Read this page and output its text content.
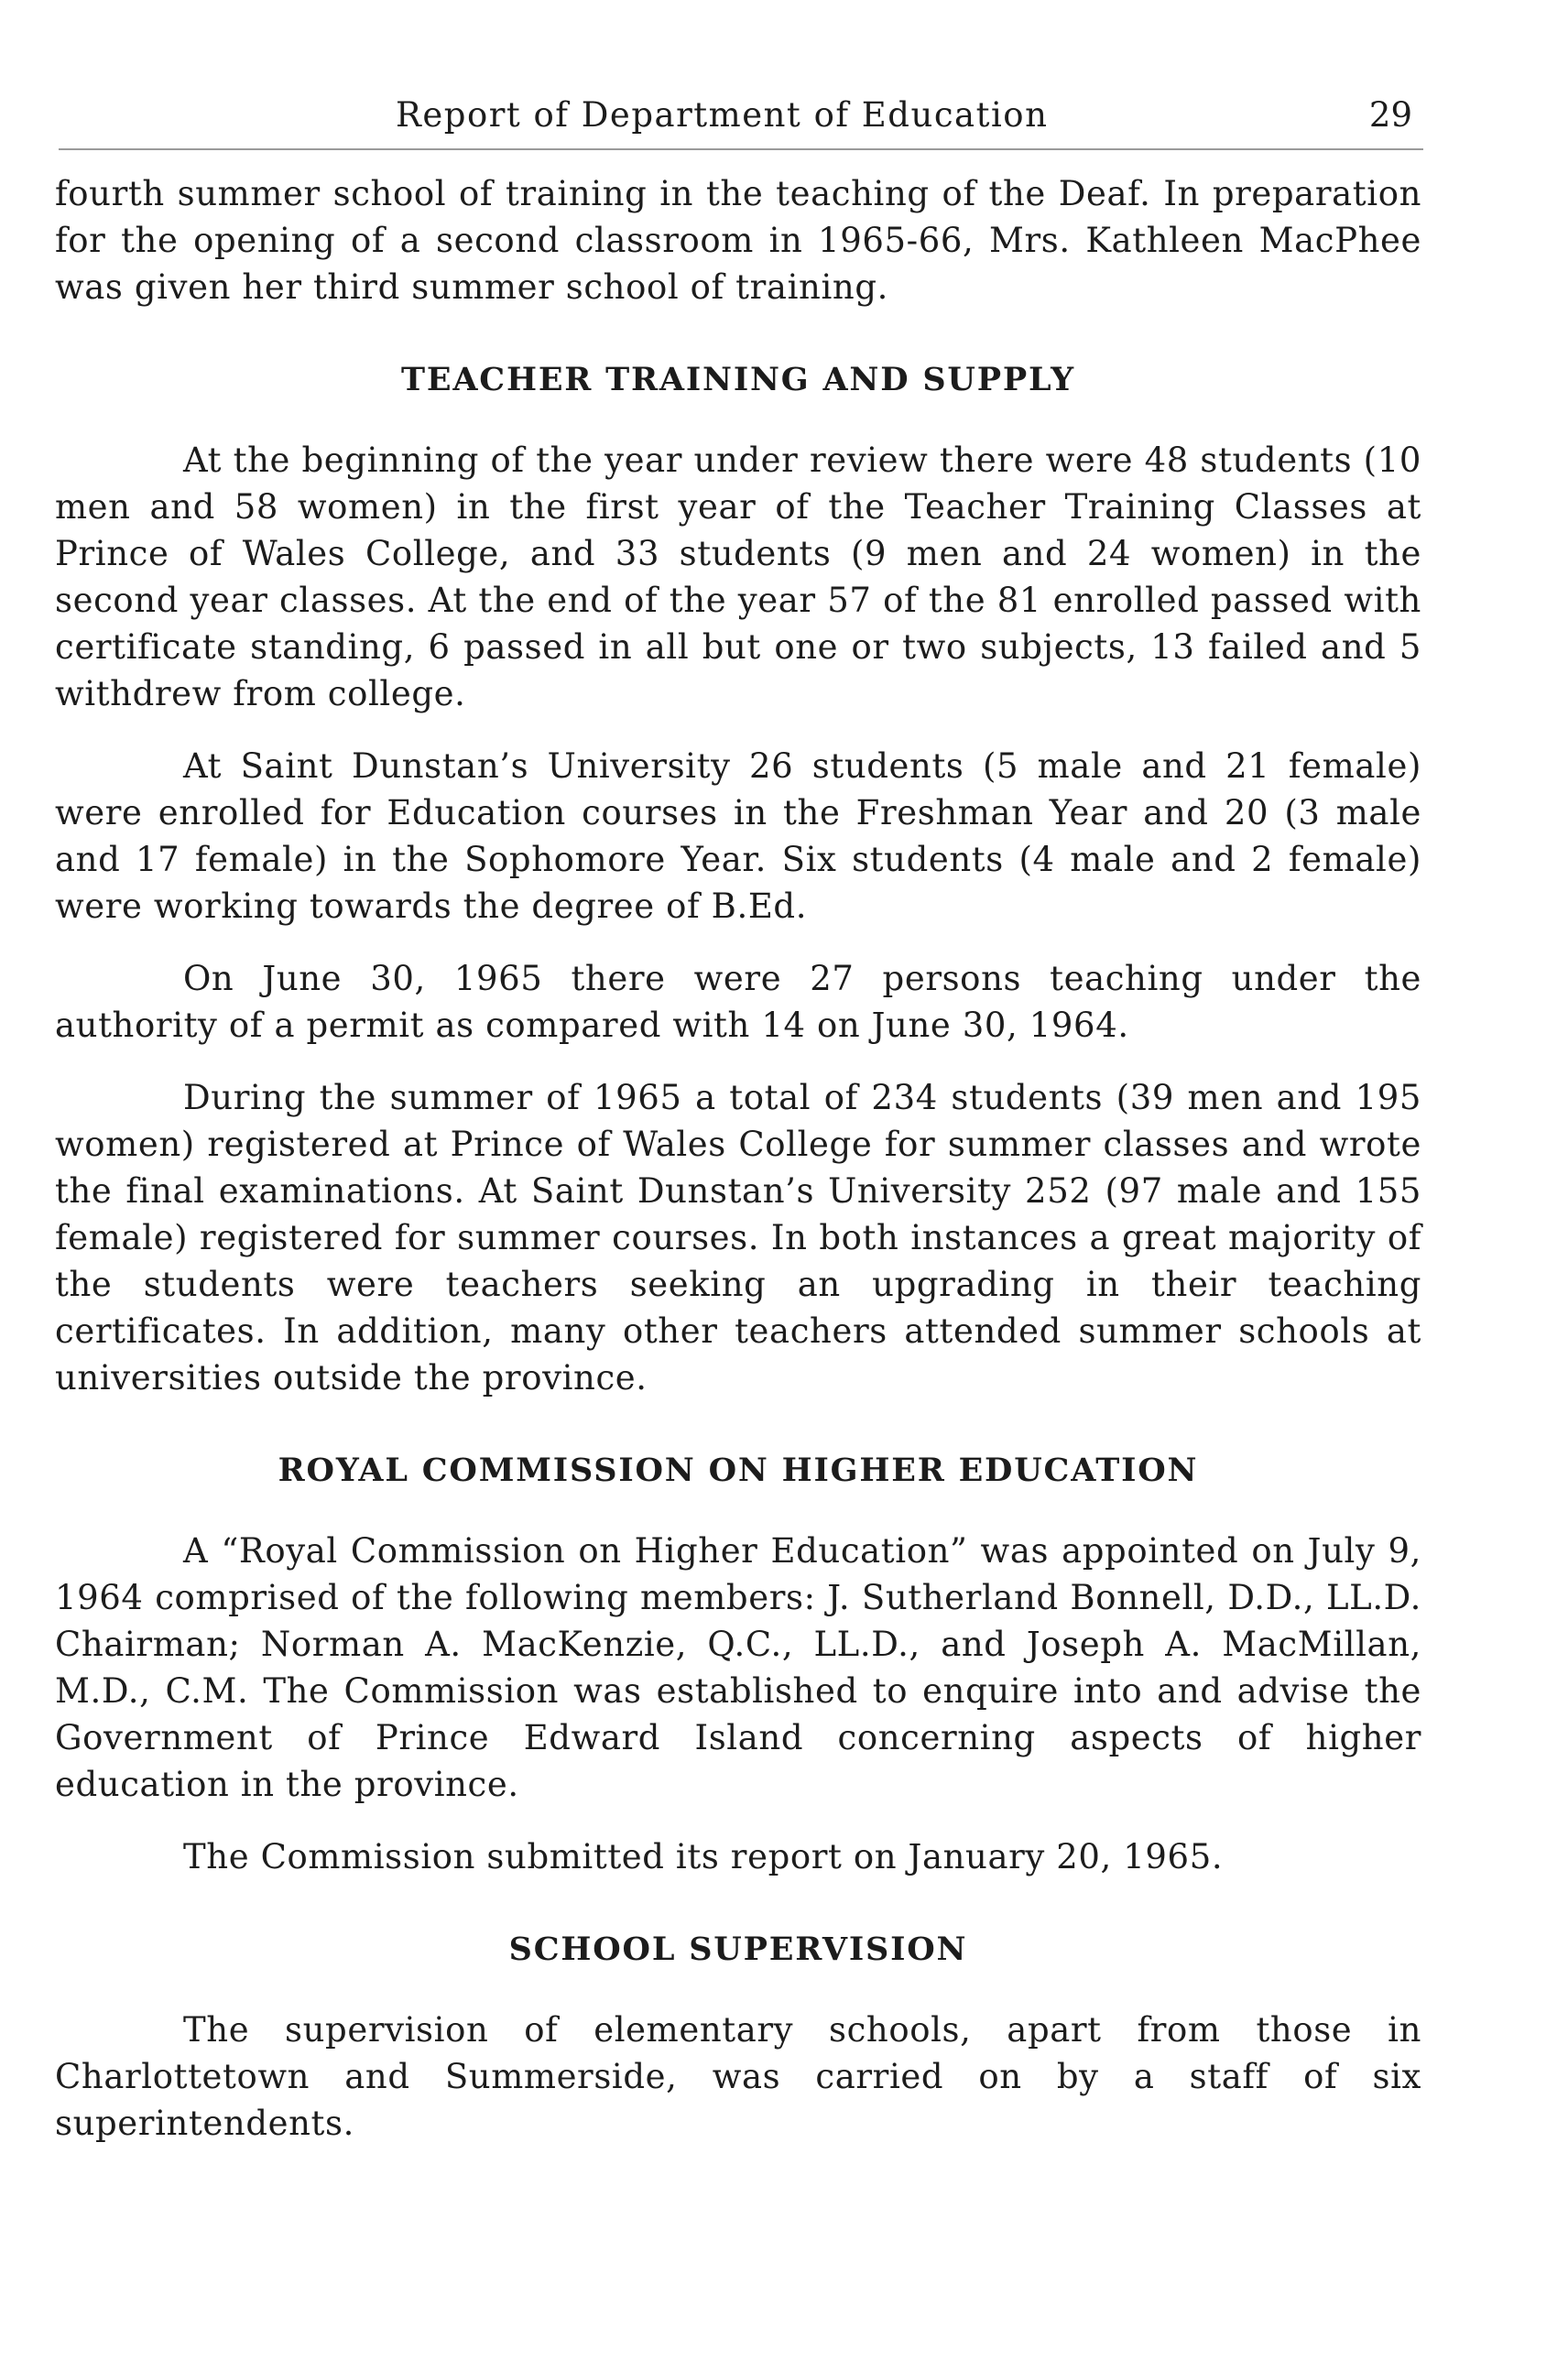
Report of Department of Education	29

fourth summer school of training in the teaching of the Deaf. In preparation for the opening of a second classroom in 1965-66, Mrs. Kathleen MacPhee was given her third summer school of training.

TEACHER TRAINING AND SUPPLY

At the beginning of the year under review there were 48 students (10 men and 58 women) in the first year of the Teacher Training Classes at Prince of Wales College, and 33 students (9 men and 24 women) in the second year classes. At the end of the year 57 of the 81 enrolled passed with certificate standing, 6 passed in all but one or two subjects, 13 failed and 5 withdrew from college.

At Saint Dunstan’s University 26 students (5 male and 21 female) were enrolled for Education courses in the Freshman Year and 20 (3 male and 17 female) in the Sophomore Year. Six students (4 male and 2 female) were working towards the degree of B.Ed.

On June 30, 1965 there were 27 persons teaching under the authority of a permit as compared with 14 on June 30, 1964.

During the summer of 1965 a total of 234 students (39 men and 195 women) registered at Prince of Wales College for summer classes and wrote the final examinations. At Saint Dunstan’s University 252 (97 male and 155 female) registered for summer courses. In both instances a great majority of the students were teachers seeking an upgrading in their teaching certificates. In addition, many other teachers attended summer schools at universities outside the province.

ROYAL COMMISSION ON HIGHER EDUCATION

A “Royal Commission on Higher Education” was appointed on July 9, 1964 comprised of the following members: J. Sutherland Bonnell, D.D., LL.D. Chairman; Norman A. MacKenzie, Q.C., LL.D., and Joseph A. MacMillan, M.D., C.M. The Commission was established to enquire into and advise the Government of Prince Edward Island concerning aspects of higher education in the province.

The Commission submitted its report on January 20, 1965.

SCHOOL SUPERVISION

The supervision of elementary schools, apart from those in Charlottetown and Summerside, was carried on by a staff of six superintendents.
